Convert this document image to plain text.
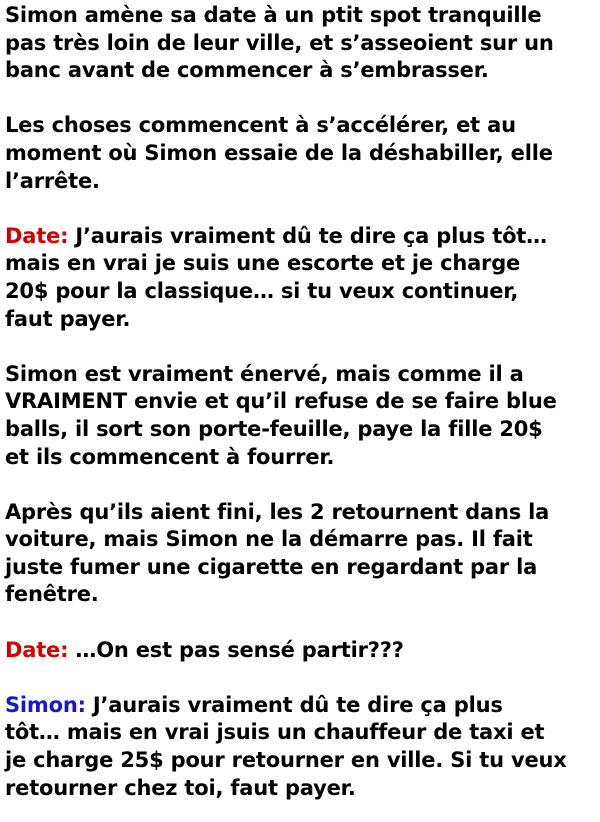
Simon amène sa date à un ptit spot tranquille
pas très loin de leur ville, et s’asseoient sur un
banc avant de commencer à s’embrasser.

Les choses commencent à s’accélérer, et au
moment où Simon essaie de la déshabiller, elle
l’arrête.

Date: J’aurais vraiment dû te dire ça plus tôt…
mais en vrai je suis une escorte et je charge
20$ pour la classique… si tu veux continuer,
faut payer.

Simon est vraiment énervé, mais comme il a
VRAIMENT envie et qu’il refuse de se faire blue
balls, il sort son porte-feuille, paye la fille 20$
et ils commencent à fourrer.

Après qu’ils aient fini, les 2 retournent dans la
voiture, mais Simon ne la démarre pas. Il fait
juste fumer une cigarette en regardant par la
fenêtre.

Date: …On est pas sensé partir???

Simon: J’aurais vraiment dû te dire ça plus
tôt… mais en vrai jsuis un chauffeur de taxi et
je charge 25$ pour retourner en ville. Si tu veux
retourner chez toi, faut payer.
